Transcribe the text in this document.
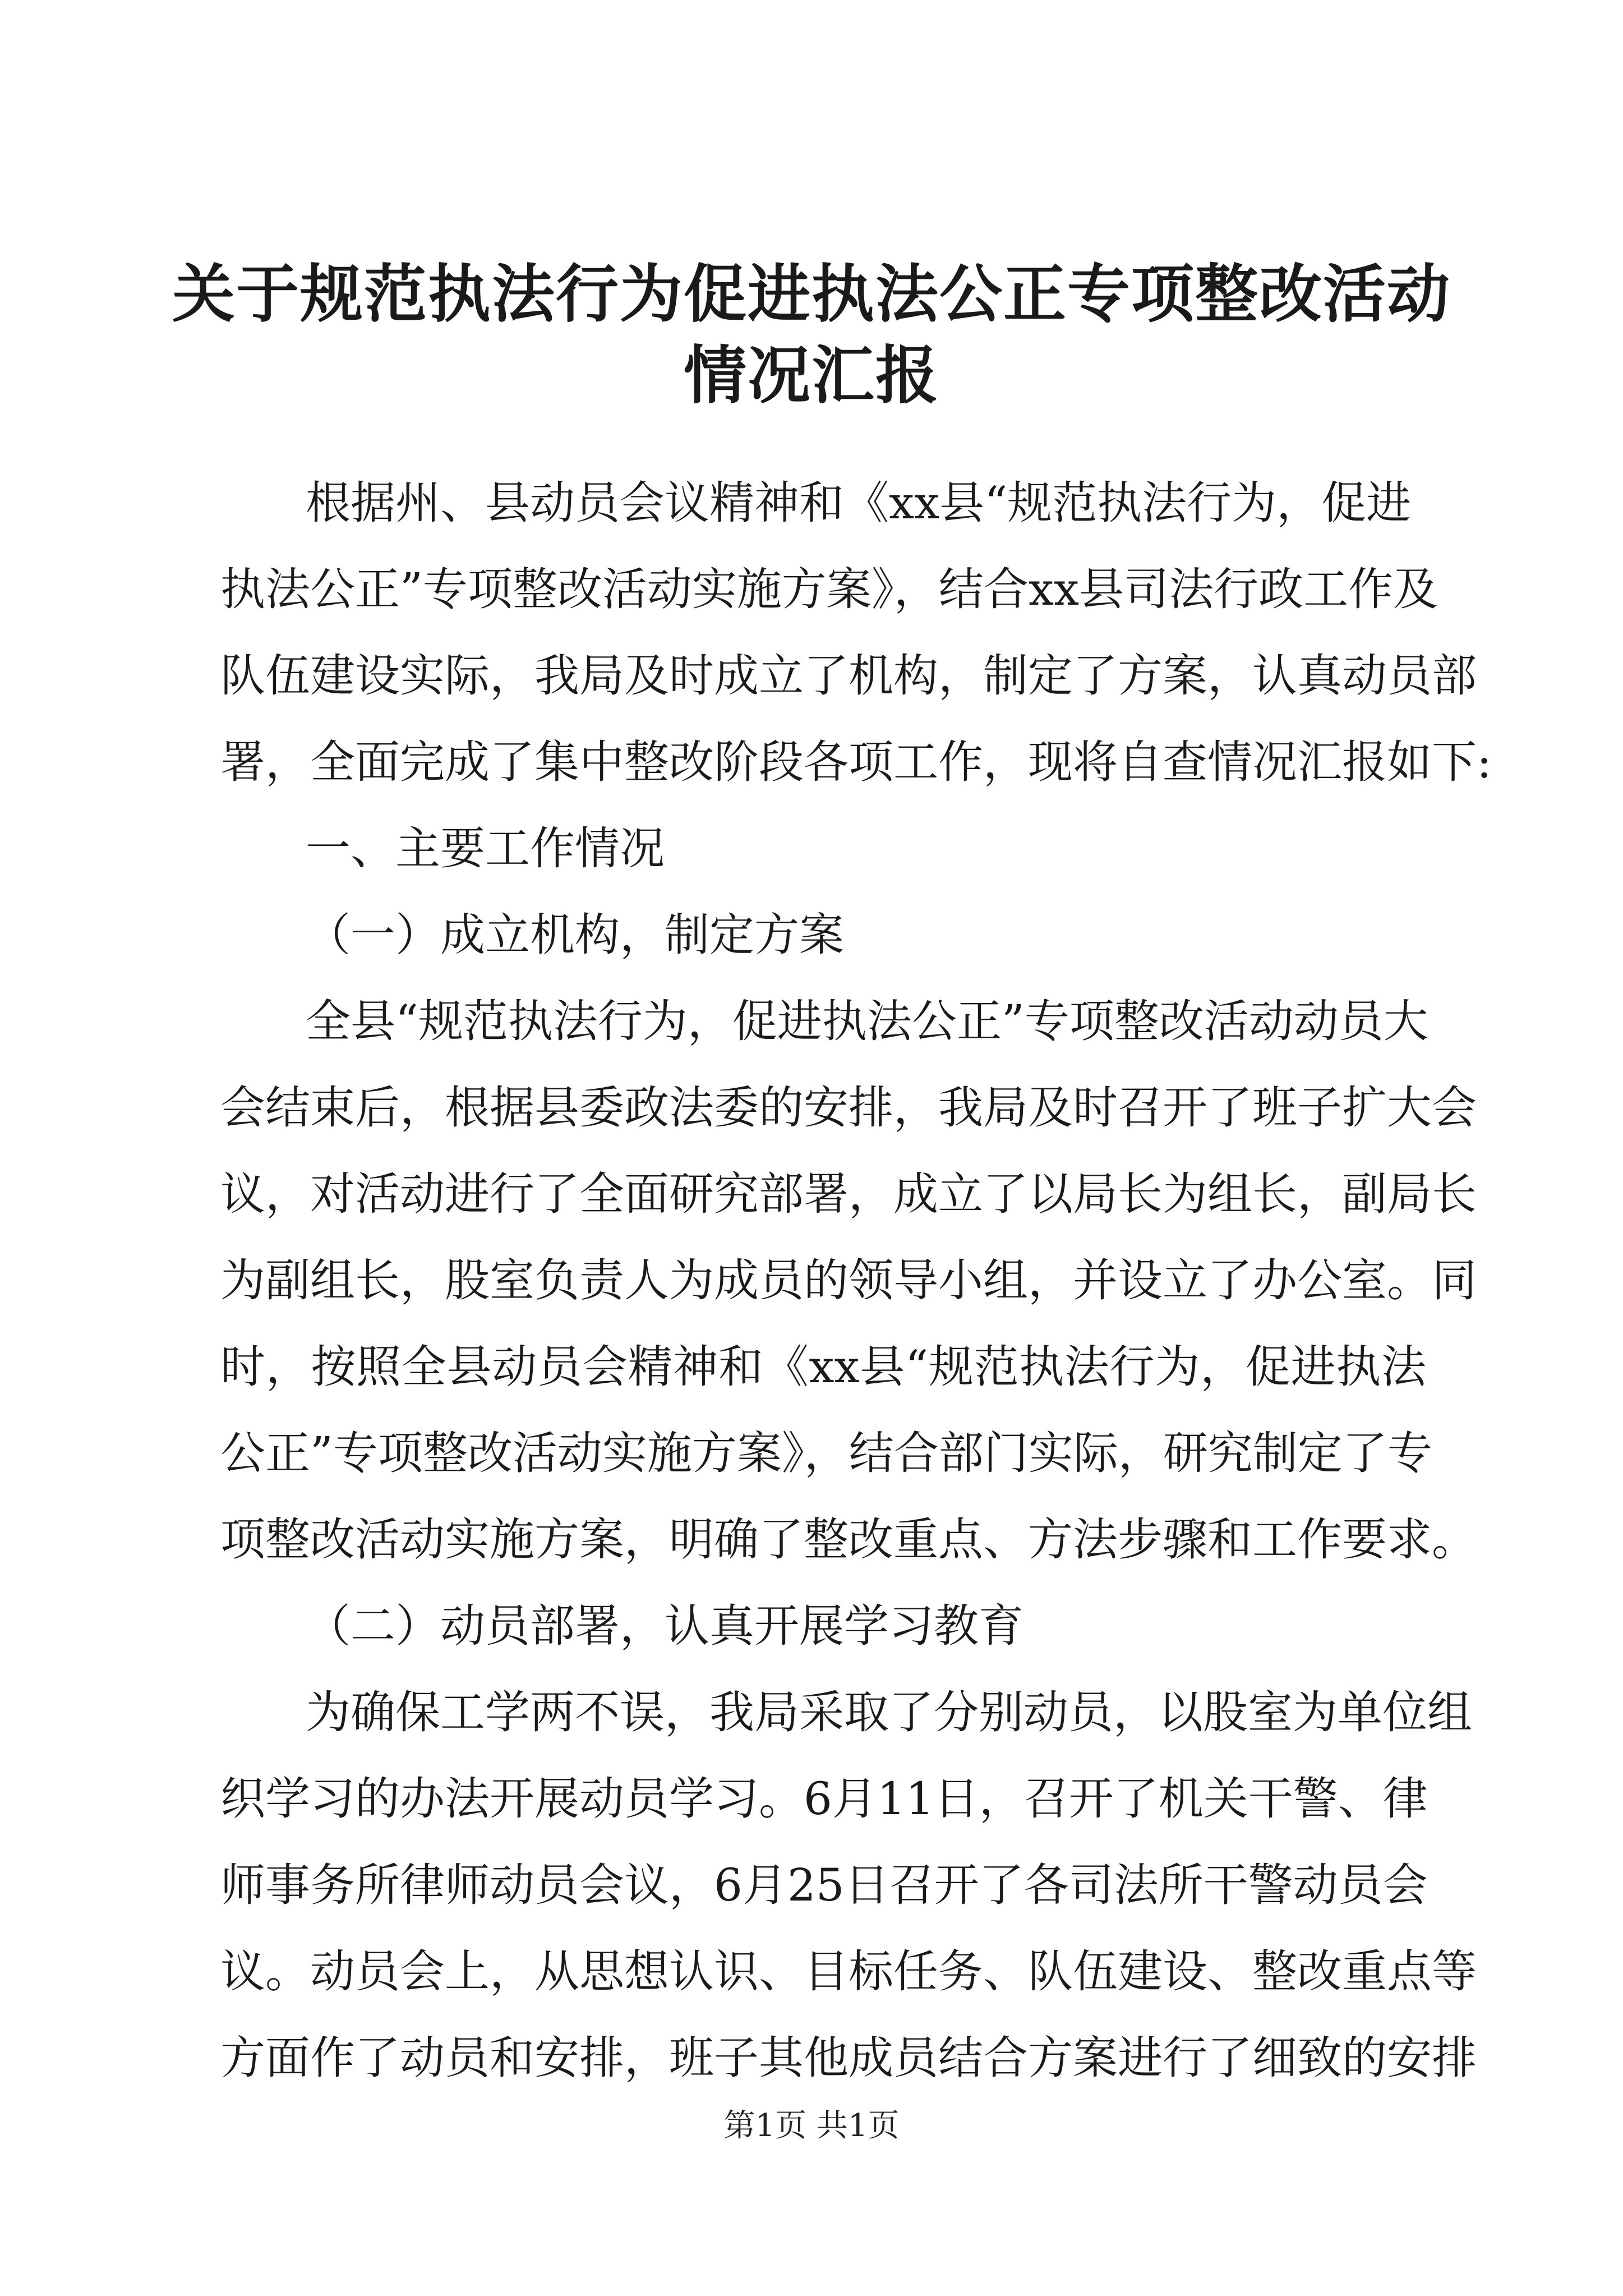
关于规范执法行为促进执法公正专项整改活动
情况汇报

根据州、县动员会议精神和《xx县“规范执法行为，促进

执法公正”专项整改活动实施方案》，结合xx县司法行政工作及

队伍建设实际，我局及时成立了机构，制定了方案，认真动员部

署，全面完成了集中整改阶段各项工作，现将自查情况汇报如下:

一、主要工作情况

（一）成立机构，制定方案

全县“规范执法行为，促进执法公正”专项整改活动动员大

会结束后，根据县委政法委的安排，我局及时召开了班子扩大会

议，对活动进行了全面研究部署，成立了以局长为组长，副局长

为副组长，股室负责人为成员的领导小组，并设立了办公室。同

时，按照全县动员会精神和《xx县“规范执法行为，促进执法

公正”专项整改活动实施方案》，结合部门实际，研究制定了专

项整改活动实施方案，明确了整改重点、方法步骤和工作要求。

（二）动员部署，认真开展学习教育

为确保工学两不误，我局采取了分别动员，以股室为单位组

织学习的办法开展动员学习。6月11日，召开了机关干警、律

师事务所律师动员会议，6月25日召开了各司法所干警动员会

议。动员会上，从思想认识、目标任务、队伍建设、整改重点等

方面作了动员和安排，班子其他成员结合方案进行了细致的安排

第1页 共1页
